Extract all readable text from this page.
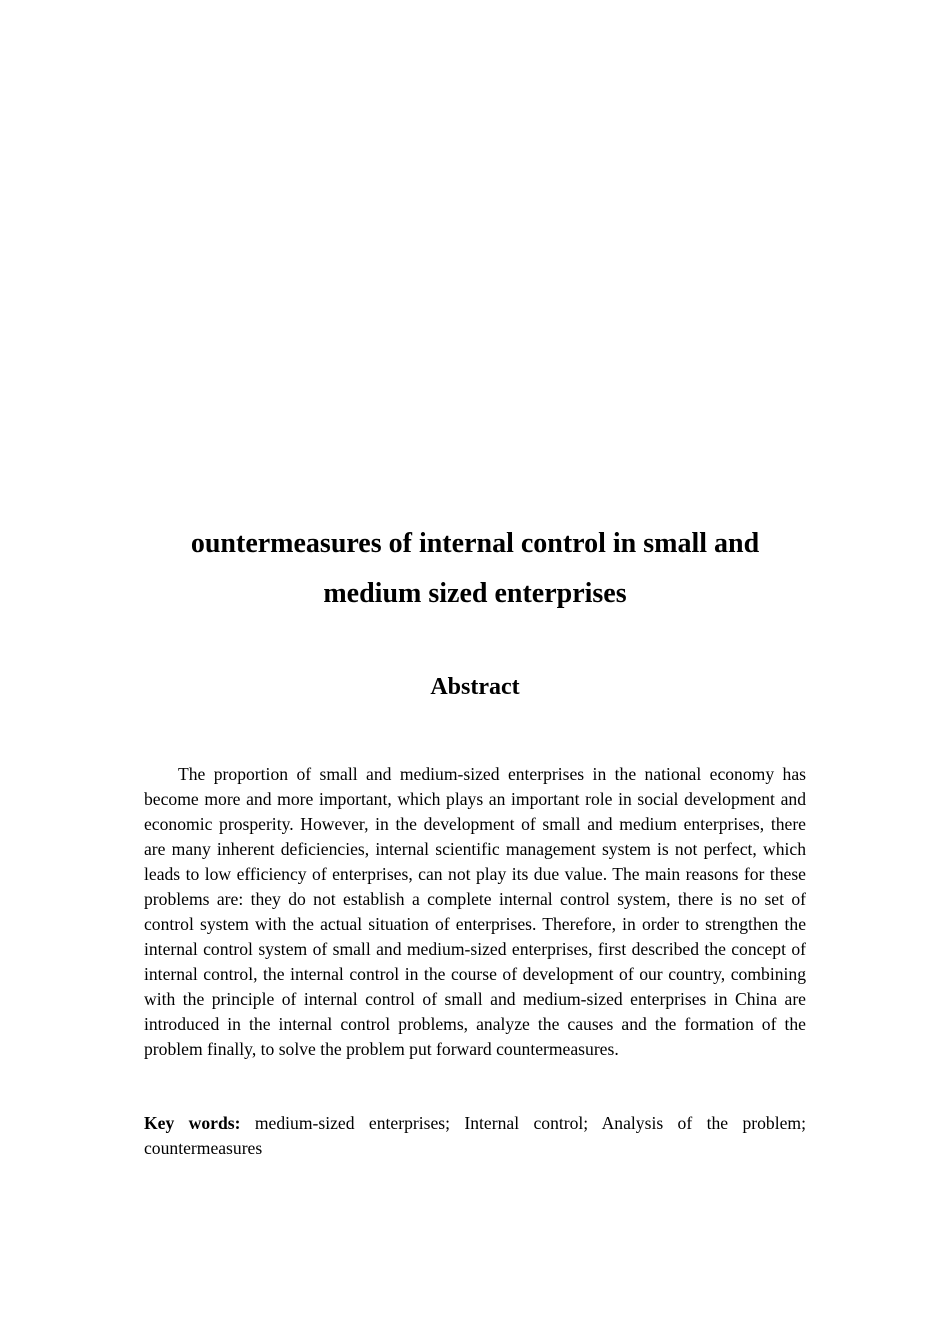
ountermeasures of internal control in small and
medium sized enterprises
Abstract

The proportion of small and medium-sized enterprises in the national economy has become more and more important, which plays an important role in social development and economic prosperity. However, in the development of small and medium enterprises, there are many inherent deficiencies, internal scientific management system is not perfect, which leads to low efficiency of enterprises, can not play its due value. The main reasons for these problems are: they do not establish a complete internal control system, there is no set of control system with the actual situation of enterprises. Therefore, in order to strengthen the internal control system of small and medium-sized enterprises, first described the concept of internal control, the internal control in the course of development of our country, combining with the principle of internal control of small and medium-sized enterprises in China are introduced in the internal control problems, analyze the causes and the formation of the problem finally, to solve the problem put forward countermeasures.

Key words: medium-sized enterprises; Internal control; Analysis of the problem; countermeasures
